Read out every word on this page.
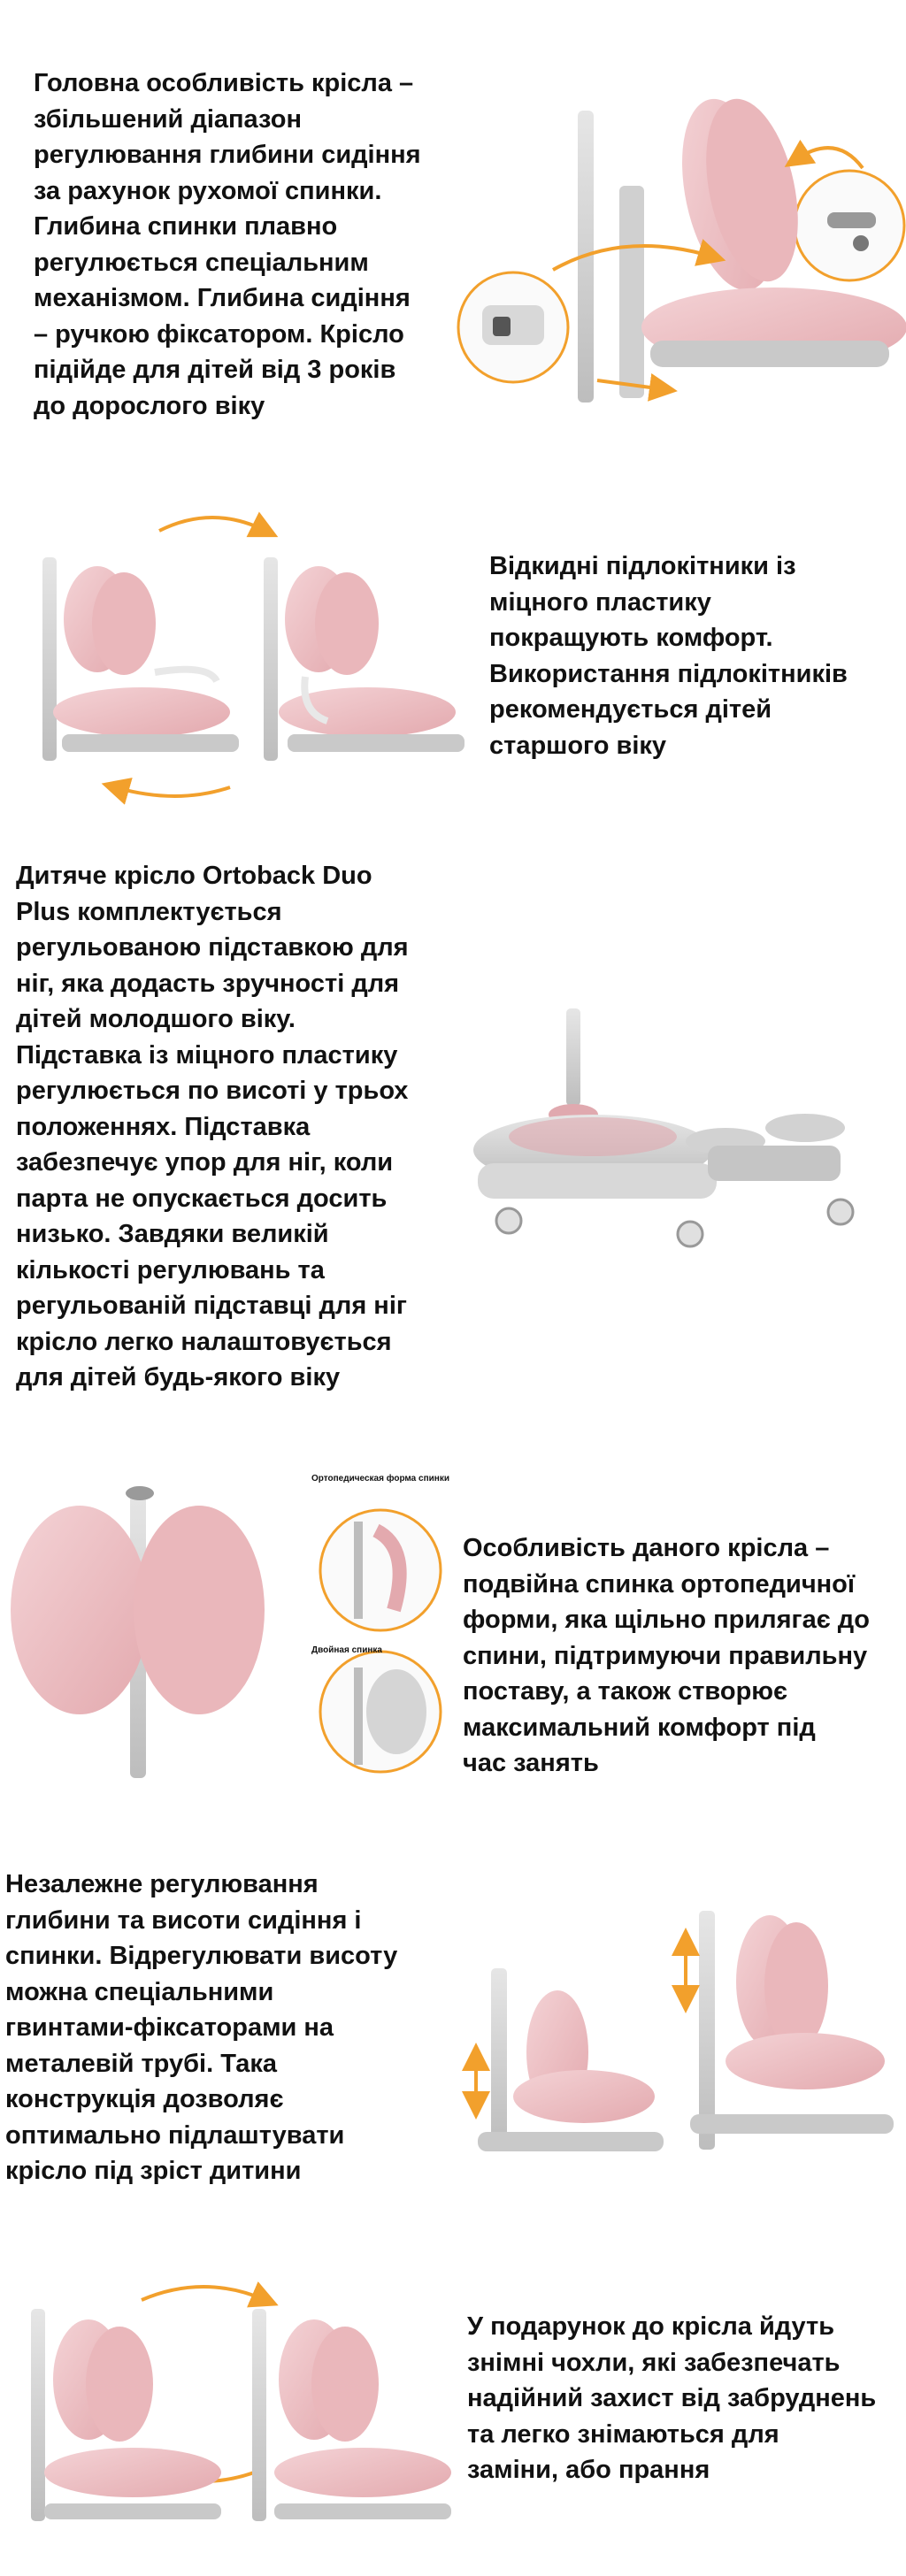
Головна особливість крісла –
збільшений діапазон
регулювання глибини сидіння
за рахунок рухомої спинки.
Глибина спинки плавно
регулюється спеціальним
механізмом. Глибина сидіння
– ручкою фіксатором. Крісло
підійде для дітей від 3 років
до дорослого віку
Відкидні підлокітники із
міцного пластику
покращують комфорт.
Використання підлокітників
рекомендується дітей
старшого віку
Дитяче крісло Ortoback Duo
Plus комплектується
регульованою підставкою для
ніг, яка додасть зручності для
дітей молодшого віку.
Підставка із міцного пластику
регулюється по висоті у трьох
положеннях. Підставка
забезпечує упор для ніг, коли
парта не опускається досить
низько. Завдяки великій
кількості регулювань та
регульованій підставці для ніг
крісло легко налаштовується
для дітей будь-якого віку
Ортопедическая форма спинки
Двойная спинка
Особливість даного крісла –
подвійна спинка ортопедичної
форми, яка щільно прилягає до
спини, підтримуючи правильну
поставу, а також створює
максимальний комфорт під
час занять
Незалежне регулювання
глибини та висоти сидіння і
спинки. Відрегулювати висоту
можна спеціальними
гвинтами-фіксаторами на
металевій трубі. Така
конструкція дозволяє
оптимально підлаштувати
крісло під зріст дитини
У подарунок до крісла йдуть
знімні чохли, які забезпечать
надійний захист від забруднень
та легко знімаються для
заміни, або прання
